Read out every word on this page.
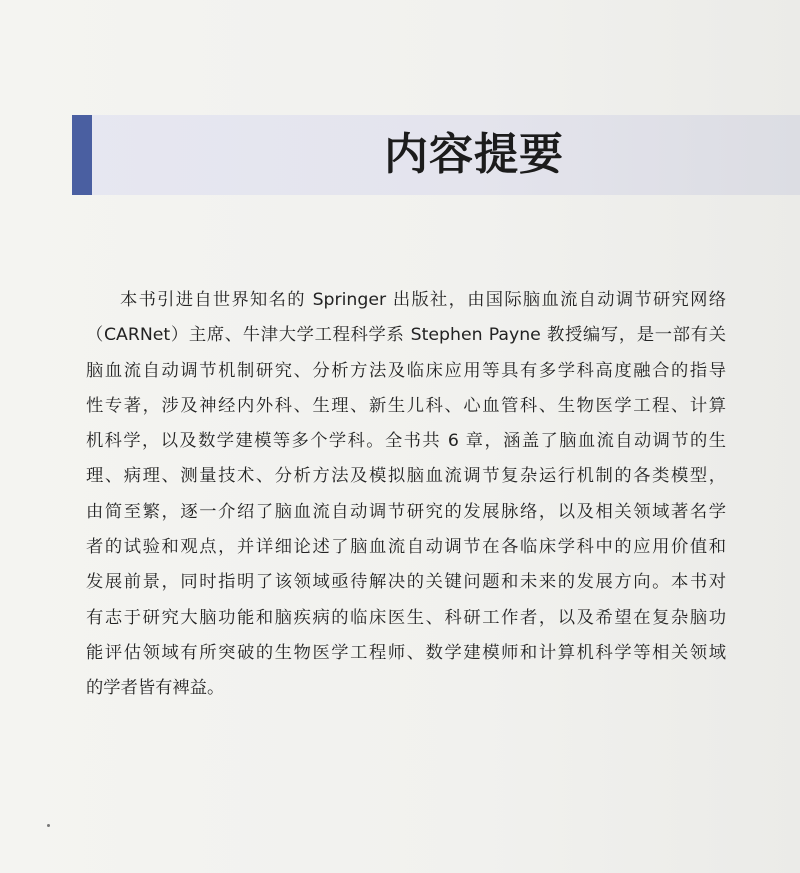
内容提要
本书引进自世界知名的 Springer 出版社，由国际脑血流自动调节研究网络
（CARNet）主席、牛津大学工程科学系 Stephen Payne 教授编写，是一部有关
脑血流自动调节机制研究、分析方法及临床应用等具有多学科高度融合的指导
性专著，涉及神经内外科、生理、新生儿科、心血管科、生物医学工程、计算
机科学，以及数学建模等多个学科。全书共 6 章，涵盖了脑血流自动调节的生
理、病理、测量技术、分析方法及模拟脑血流调节复杂运行机制的各类模型，
由简至繁，逐一介绍了脑血流自动调节研究的发展脉络，以及相关领域著名学
者的试验和观点，并详细论述了脑血流自动调节在各临床学科中的应用价值和
发展前景，同时指明了该领域亟待解决的关键问题和未来的发展方向。本书对
有志于研究大脑功能和脑疾病的临床医生、科研工作者，以及希望在复杂脑功
能评估领域有所突破的生物医学工程师、数学建模师和计算机科学等相关领域
的学者皆有裨益。
